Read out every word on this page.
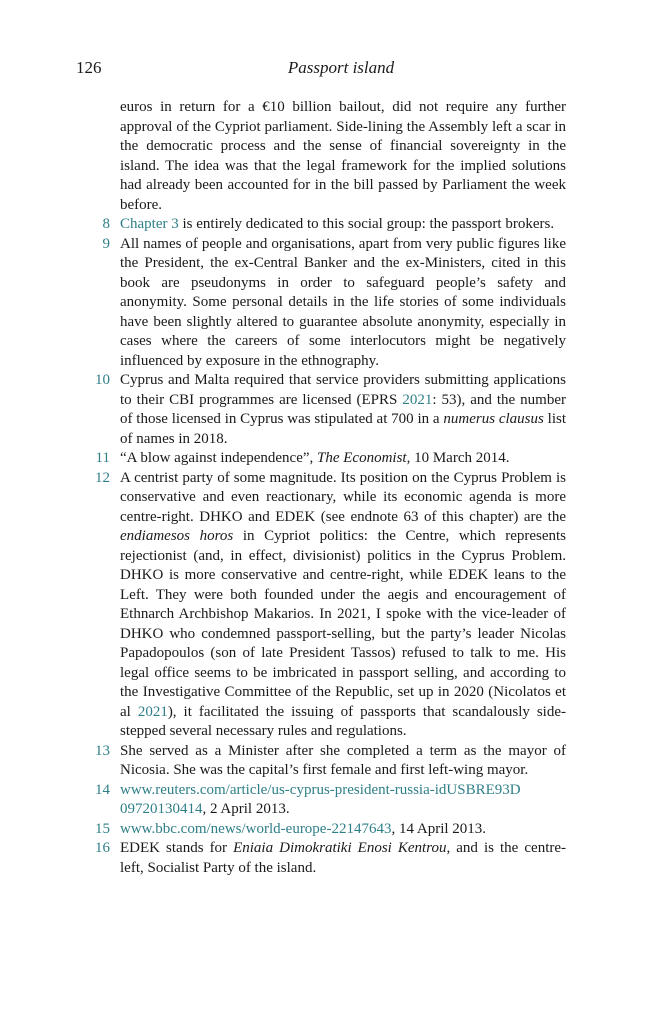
126	Passport island
euros in return for a €10 billion bailout, did not require any further approval of the Cypriot parliament. Side-lining the Assembly left a scar in the democratic process and the sense of financial sovereignty in the island. The idea was that the legal framework for the implied solutions had already been accounted for in the bill passed by Parliament the week before.
8 Chapter 3 is entirely dedicated to this social group: the passport brokers.
9 All names of people and organisations, apart from very public figures like the President, the ex-Central Banker and the ex-Ministers, cited in this book are pseudonyms in order to safeguard people’s safety and anonymity. Some personal details in the life stories of some individuals have been slightly altered to guarantee absolute anonymity, especially in cases where the careers of some interlocutors might be negatively influenced by exposure in the ethnography.
10 Cyprus and Malta required that service providers submitting applications to their CBI programmes are licensed (EPRS 2021: 53), and the number of those licensed in Cyprus was stipulated at 700 in a numerus clausus list of names in 2018.
11 “A blow against independence”, The Economist, 10 March 2014.
12 A centrist party of some magnitude. Its position on the Cyprus Problem is conservative and even reactionary, while its economic agenda is more centre-right. DHKO and EDEK (see endnote 63 of this chapter) are the endiamesos horos in Cypriot politics: the Centre, which represents rejectionist (and, in effect, divisionist) politics in the Cyprus Problem. DHKO is more conservative and centre-right, while EDEK leans to the Left. They were both founded under the aegis and encouragement of Ethnarch Archbishop Makarios. In 2021, I spoke with the vice-leader of DHKO who condemned passport-selling, but the party’s leader Nicolas Papadopoulos (son of late President Tassos) refused to talk to me. His legal office seems to be imbricated in passport selling, and according to the Investigative Committee of the Republic, set up in 2020 (Nicolatos et al 2021), it facilitated the issuing of passports that scandalously side-stepped several necessary rules and regulations.
13 She served as a Minister after she completed a term as the mayor of Nicosia. She was the capital’s first female and first left-wing mayor.
14 www.reuters.com/article/us-cyprus-president-russia-idUSBRE93D
09720130414, 2 April 2013.
15 www.bbc.com/news/world-europe-22147643, 14 April 2013.
16 EDEK stands for Eniaia Dimokratiki Enosi Kentrou, and is the centre-left, Socialist Party of the island.
